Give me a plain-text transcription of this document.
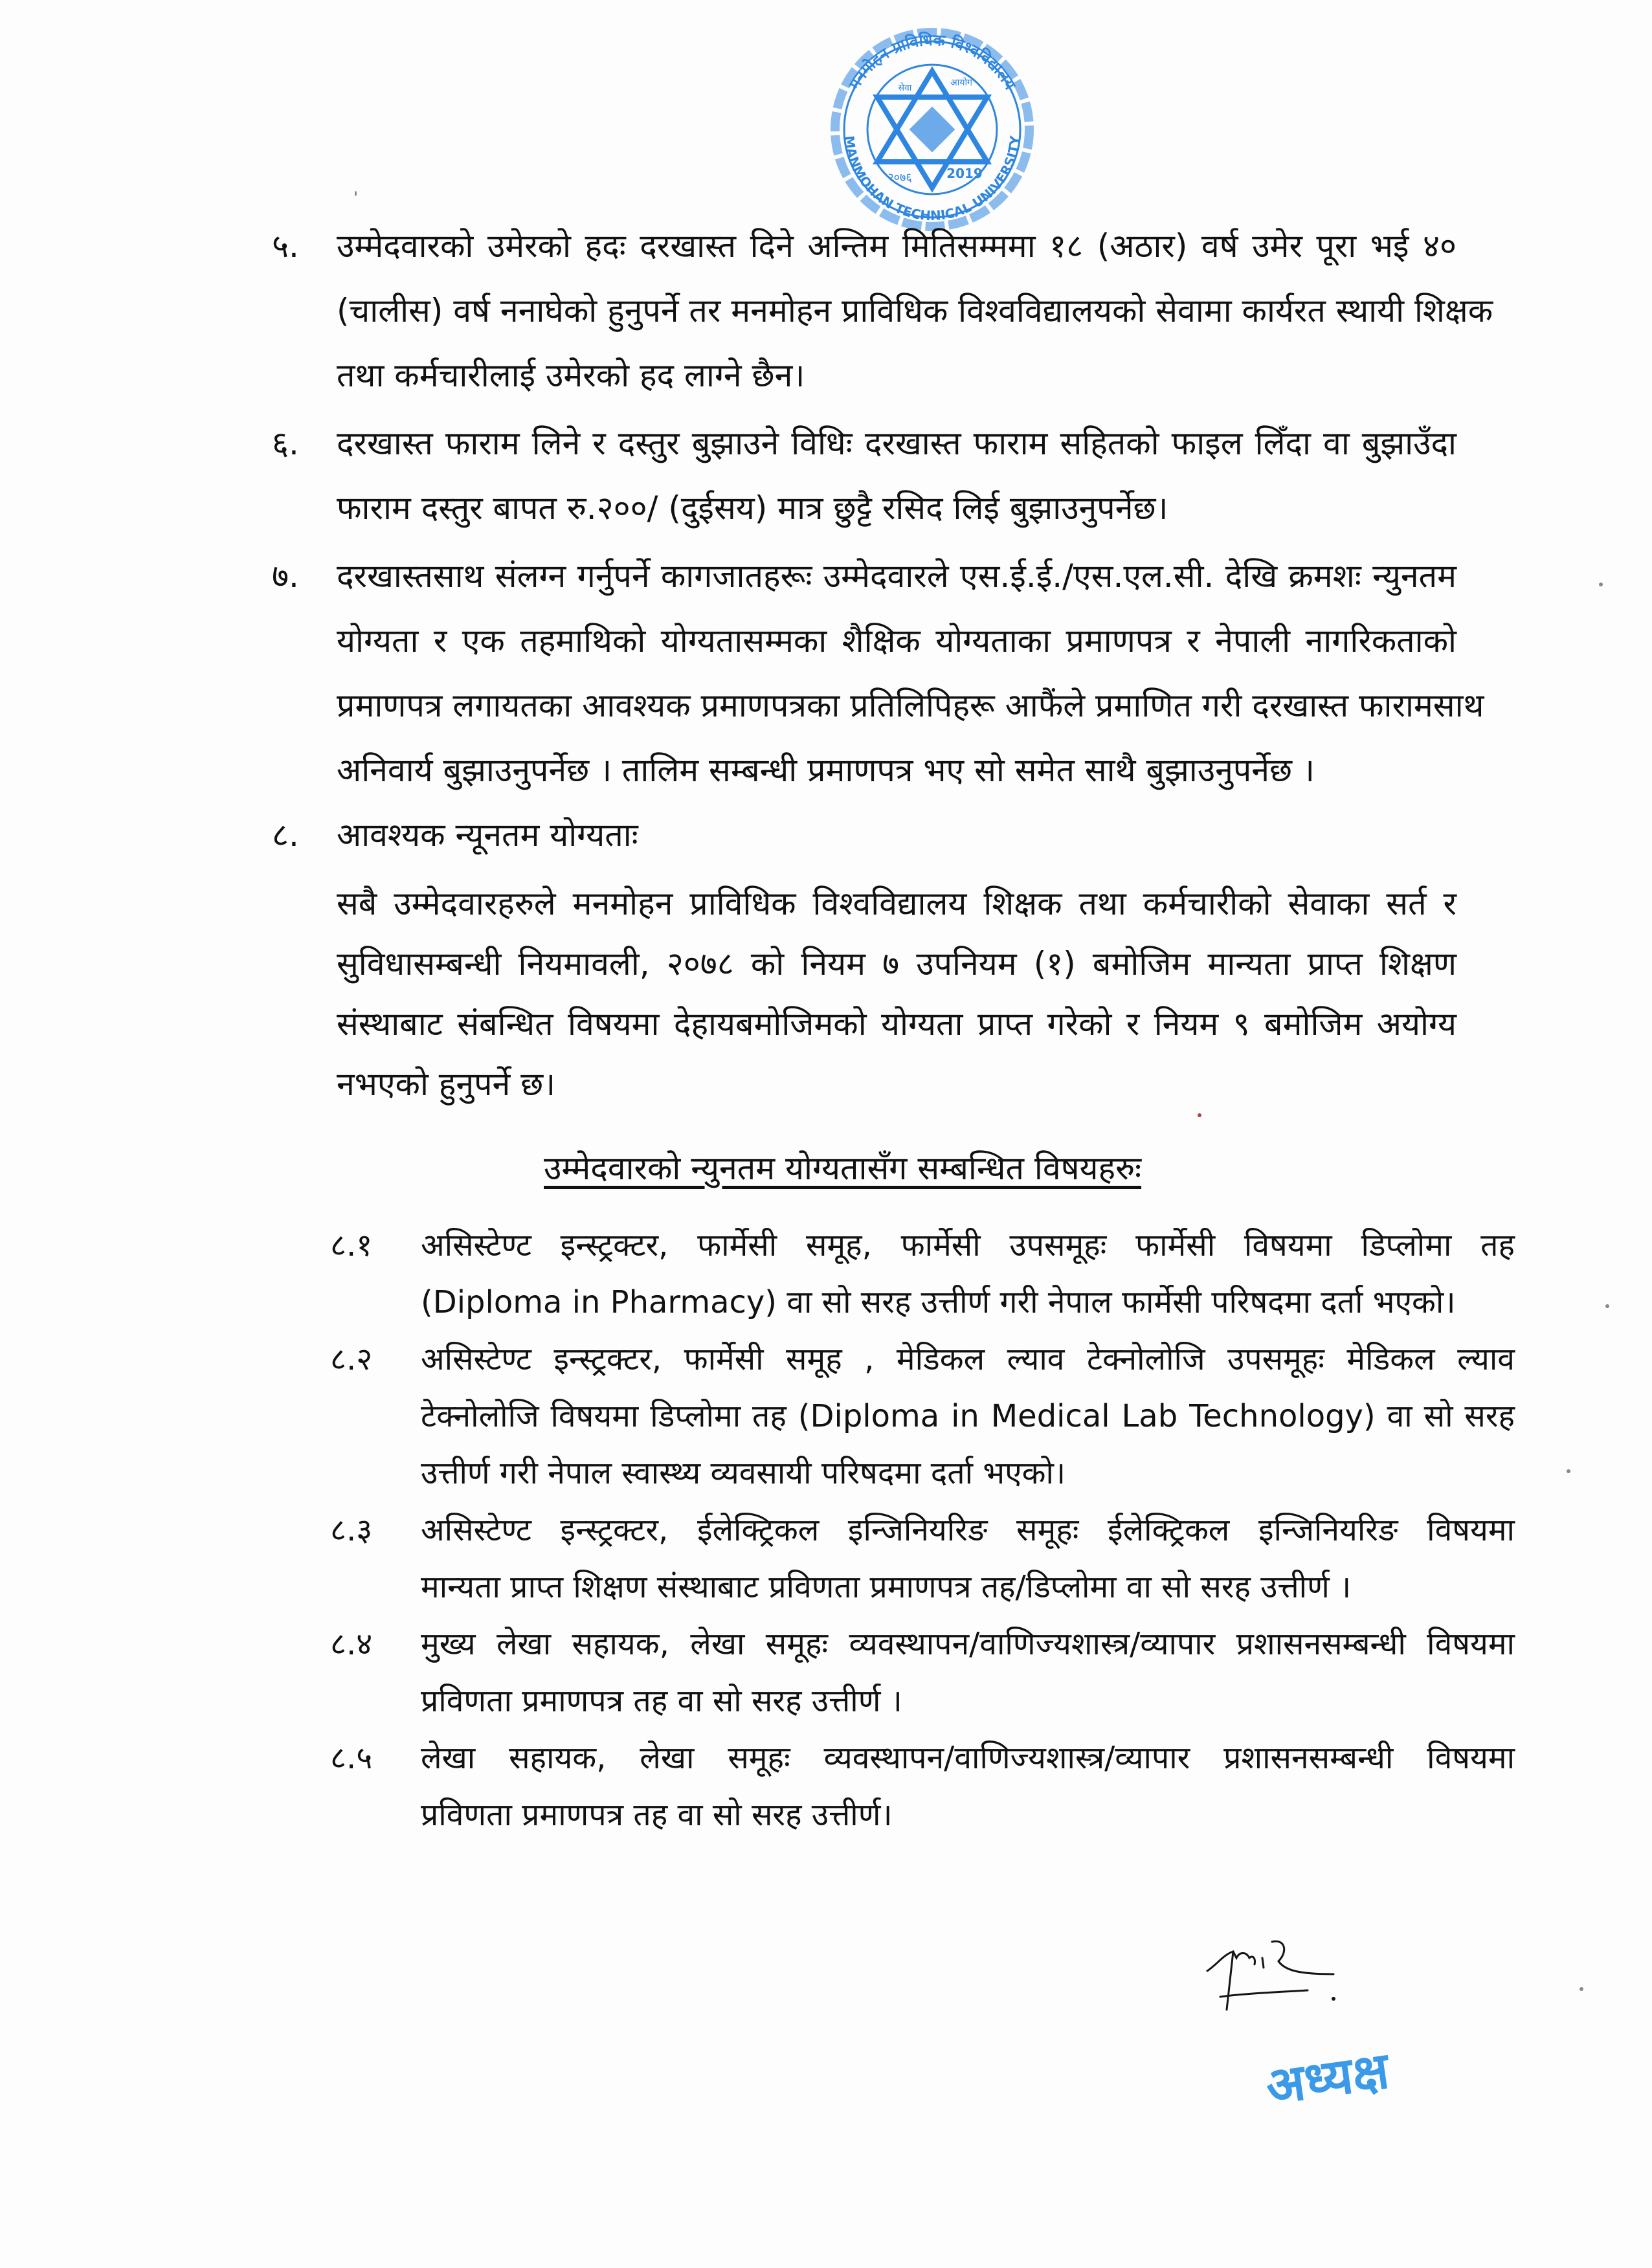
मनमोहन प्राविधिक विश्वविद्यालय
MANMOHAN TECHNICAL UNIVERSITY
सेवा	आयोग
२०७६	2019
५.	उम्मेदवारको उमेरको हदः दरखास्त दिने अन्तिम मितिसम्ममा १८ (अठार) वर्ष उमेर पूरा भई ४०
(चालीस) वर्ष ननाघेको हुनुपर्ने तर मनमोहन प्राविधिक विश्वविद्यालयको सेवामा कार्यरत स्थायी शिक्षक
तथा कर्मचारीलाई उमेरको हद लाग्ने छैन।
६.	दरखास्त फाराम लिने र दस्तुर बुझाउने विधिः दरखास्त फाराम सहितको फाइल लिँदा वा बुझाउँदा
फाराम दस्तुर बापत रु.२००/ (दुईसय) मात्र छुट्टै रसिद लिई बुझाउनुपर्नेछ।
७.	दरखास्तसाथ संलग्न गर्नुपर्ने कागजातहरूः उम्मेदवारले एस.ई.ई./एस.एल.सी. देखि क्रमशः न्युनतम
योग्यता र एक तहमाथिको योग्यतासम्मका शैक्षिक योग्यताका प्रमाणपत्र र नेपाली नागरिकताको
प्रमाणपत्र लगायतका आवश्यक प्रमाणपत्रका प्रतिलिपिहरू आफैंले प्रमाणित गरी दरखास्त फारामसाथ
अनिवार्य बुझाउनुपर्नेछ । तालिम सम्बन्धी प्रमाणपत्र भए सो समेत साथै बुझाउनुपर्नेछ ।
८.	आवश्यक न्यूनतम योग्यताः
सबै उम्मेदवारहरुले मनमोहन प्राविधिक विश्वविद्यालय शिक्षक तथा कर्मचारीको सेवाका सर्त र
सुविधासम्बन्धी नियमावली, २०७८ को नियम ७ उपनियम (१) बमोजिम मान्यता प्राप्त शिक्षण
संस्थाबाट संबन्धित विषयमा देहायबमोजिमको योग्यता प्राप्त गरेको र नियम ९ बमोजिम अयोग्य
नभएको हुनुपर्ने छ।
उम्मेदवारको न्युनतम योग्यतासँग सम्बन्धित विषयहरुः
८.१	असिस्टेण्ट इन्स्ट्रक्टर, फार्मेसी समूह, फार्मेसी उपसमूहः फार्मेसी विषयमा डिप्लोमा तह
(Diploma in Pharmacy) वा सो सरह उत्तीर्ण गरी नेपाल फार्मेसी परिषदमा दर्ता भएको।
८.२	असिस्टेण्ट इन्स्ट्रक्टर, फार्मेसी समूह , मेडिकल ल्याव टेक्नोलोजि उपसमूहः मेडिकल ल्याव
टेक्नोलोजि विषयमा डिप्लोमा तह (Diploma in Medical Lab Technology) वा सो सरह
उत्तीर्ण गरी नेपाल स्वास्थ्य व्यवसायी परिषदमा दर्ता भएको।
८.३	असिस्टेण्ट इन्स्ट्रक्टर, ईलेक्ट्रिकल इन्जिनियरिङ समूहः ईलेक्ट्रिकल इन्जिनियरिङ विषयमा
मान्यता प्राप्त शिक्षण संस्थाबाट प्रविणता प्रमाणपत्र तह/डिप्लोमा वा सो सरह उत्तीर्ण ।
८.४	मुख्य लेखा सहायक, लेखा समूहः व्यवस्थापन/वाणिज्यशास्त्र/व्यापार प्रशासनसम्बन्धी विषयमा
प्रविणता प्रमाणपत्र तह वा सो सरह उत्तीर्ण ।
८.५	लेखा सहायक, लेखा समूहः व्यवस्थापन/वाणिज्यशास्त्र/व्यापार प्रशासनसम्बन्धी विषयमा
प्रविणता प्रमाणपत्र तह वा सो सरह उत्तीर्ण।
अध्यक्ष
